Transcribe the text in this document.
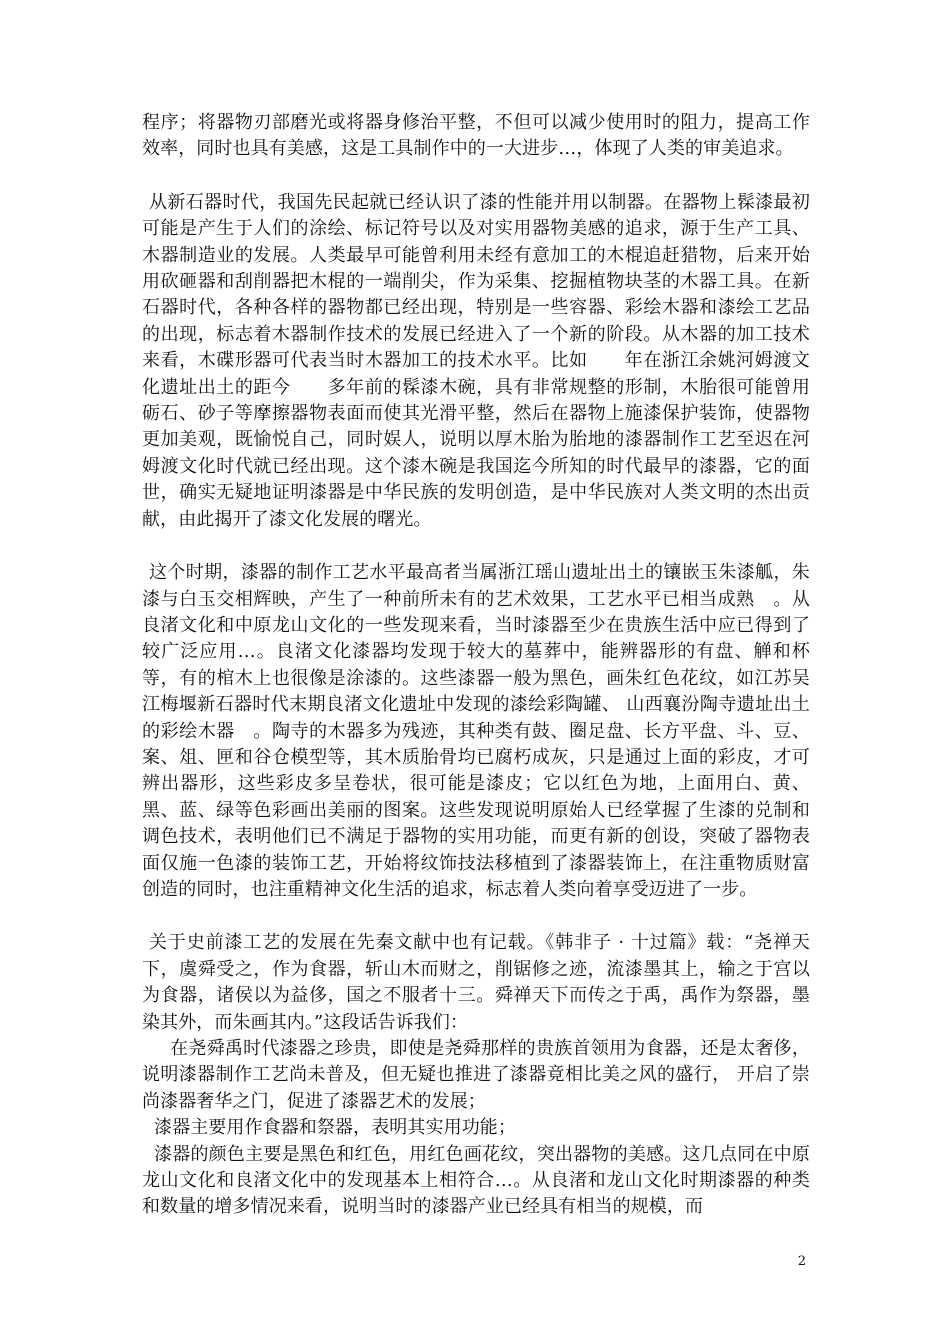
程序；将器物刃部磨光或将器身修治平整，不但可以减少使用时的阻力，提高工作效率，同时也具有美感，这是工具制作中的一大进步…，体现了人类的审美追求。

从新石器时代，我国先民起就已经认识了漆的性能并用以制器。在器物上髹漆最初可能是产生于人们的涂绘、标记符号以及对实用器物美感的追求，源于生产工具、木器制造业的发展。人类最早可能曾利用未经有意加工的木棍追赶猎物，后来开始用砍砸器和刮削器把木棍的一端削尖，作为采集、挖掘植物块茎的木器工具。在新石器时代，各种各样的器物都已经出现，特别是一些容器、彩绘木器和漆绘工艺品的出现，标志着木器制作技术的发展已经进入了一个新的阶段。从木器的加工技术来看，木碟形器可代表当时木器加工的技术水平。比如　　年在浙江余姚河姆渡文化遗址出土的距今　　多年前的髹漆木碗，具有非常规整的形制，木胎很可能曾用砺石、砂子等摩擦器物表面而使其光滑平整，然后在器物上施漆保护装饰，使器物更加美观，既愉悦自己，同时娱人，说明以厚木胎为胎地的漆器制作工艺至迟在河姆渡文化时代就已经出现。这个漆木碗是我国迄今所知的时代最早的漆器，它的面世，确实无疑地证明漆器是中华民族的发明创造，是中华民族对人类文明的杰出贡献，由此揭开了漆文化发展的曙光。

这个时期，漆器的制作工艺水平最高者当属浙江瑶山遗址出土的镶嵌玉朱漆觚，朱漆与白玉交相辉映，产生了一种前所未有的艺术效果，工艺水平已相当成熟　。从良渚文化和中原龙山文化的一些发现来看，当时漆器至少在贵族生活中应已得到了较广泛应用…。良渚文化漆器均发现于较大的墓葬中，能辨器形的有盘、觯和杯等，有的棺木上也很像是涂漆的。这些漆器一般为黑色，画朱红色花纹，如江苏吴江梅堰新石器时代末期良渚文化遗址中发现的漆绘彩陶罐、 山西襄汾陶寺遗址出土的彩绘木器　。陶寺的木器多为残迹，其种类有鼓、圈足盘、长方平盘、斗、豆、案、俎、匣和谷仓模型等，其木质胎骨均已腐朽成灰，只是通过上面的彩皮，才可辨出器形，这些彩皮多呈卷状，很可能是漆皮；它以红色为地，上面用白、黄、黑、蓝、绿等色彩画出美丽的图案。这些发现说明原始人已经掌握了生漆的兑制和调色技术，表明他们已不满足于器物的实用功能，而更有新的创设，突破了器物表面仅施一色漆的装饰工艺，开始将纹饰技法移植到了漆器装饰上，在注重物质财富创造的同时，也注重精神文化生活的追求，标志着人类向着享受迈进了一步。

关于史前漆工艺的发展在先秦文献中也有记载。《韩非子 · 十过篇》载：“尧禅天下，虞舜受之，作为食器，斩山木而财之，削锯修之迹，流漆墨其上，输之于宫以为食器，诸侯以为益侈，国之不服者十三。舜禅天下而传之于禹，禹作为祭器，墨染其外，而朱画其内。”这段话告诉我们：

在尧舜禹时代漆器之珍贵，即使是尧舜那样的贵族首领用为食器，还是太奢侈，说明漆器制作工艺尚未普及，但无疑也推进了漆器竟相比美之风的盛行， 开启了崇尚漆器奢华之门，促进了漆器艺术的发展；

漆器主要用作食器和祭器，表明其实用功能；

漆器的颜色主要是黑色和红色，用红色画花纹，突出器物的美感。这几点同在中原龙山文化和良渚文化中的发现基本上相符合…。从良渚和龙山文化时期漆器的种类和数量的增多情况来看，说明当时的漆器产业已经具有相当的规模，而

2
